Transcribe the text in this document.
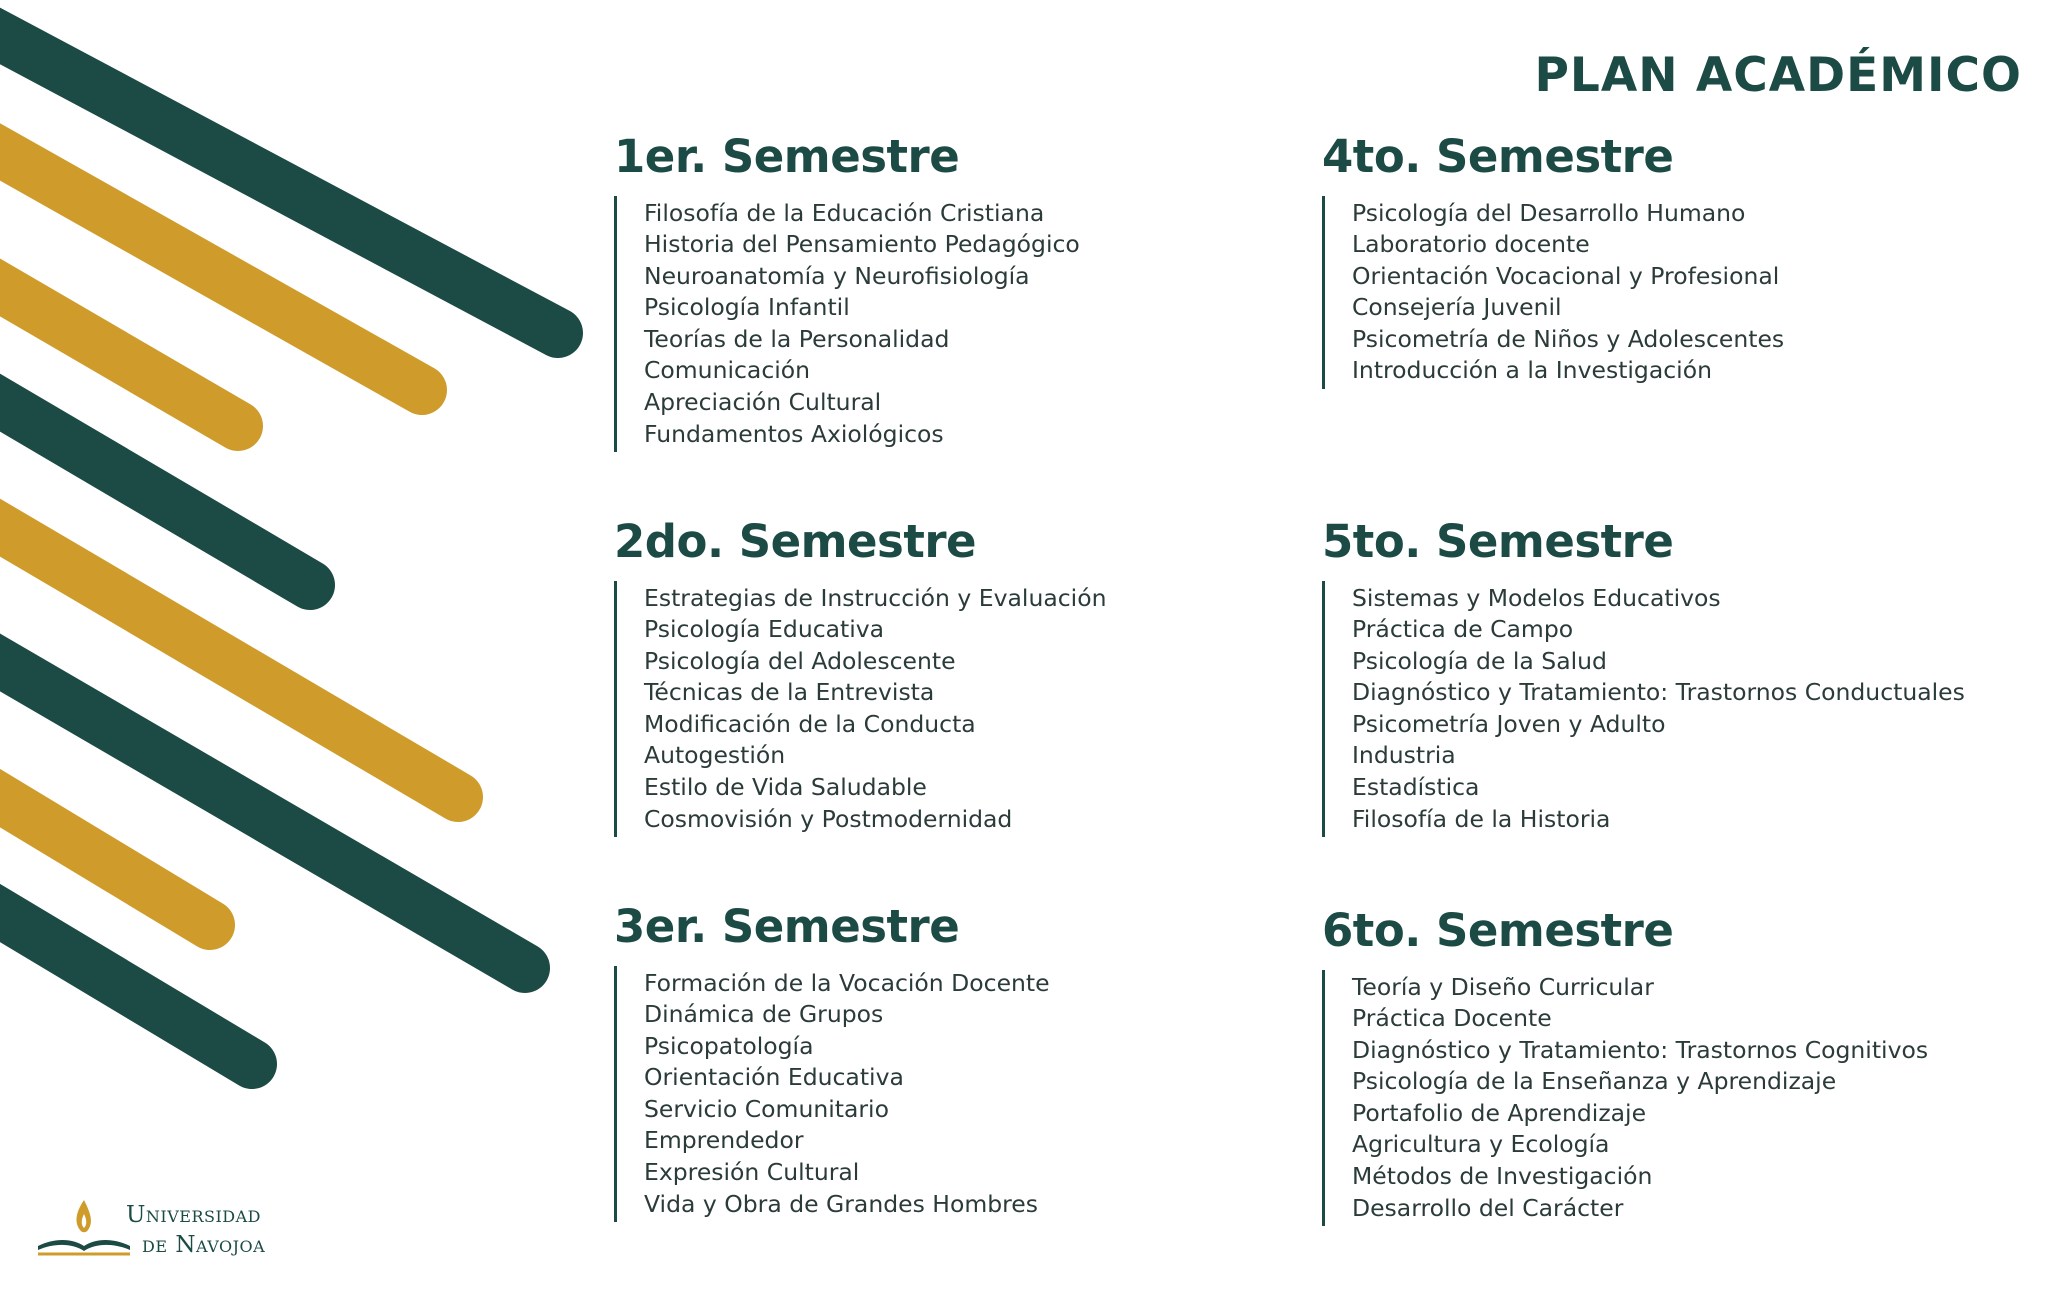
PLAN ACADÉMICO
1er. Semestre
Filosofía de la Educación Cristiana
Historia del Pensamiento Pedagógico
Neuroanatomía y Neurofisiología
Psicología Infantil
Teorías de la Personalidad
Comunicación
Apreciación Cultural
Fundamentos Axiológicos
2do. Semestre
Estrategias de Instrucción y Evaluación
Psicología Educativa
Psicología del Adolescente
Técnicas de la Entrevista
Modificación de la Conducta
Autogestión
Estilo de Vida Saludable
Cosmovisión y Postmodernidad
3er. Semestre
Formación de la Vocación Docente
Dinámica de Grupos
Psicopatología
Orientación Educativa
Servicio Comunitario
Emprendedor
Expresión Cultural
Vida y Obra de Grandes Hombres
4to. Semestre
Psicología del Desarrollo Humano
Laboratorio docente
Orientación Vocacional y Profesional
Consejería Juvenil
Psicometría de Niños y Adolescentes
Introducción a la Investigación
5to. Semestre
Sistemas y Modelos Educativos
Práctica de Campo
Psicología de la Salud
Diagnóstico y Tratamiento: Trastornos Conductuales
Psicometría Joven y Adulto
Industria
Estadística
Filosofía de la Historia
6to. Semestre
Teoría y Diseño Curricular
Práctica Docente
Diagnóstico y Tratamiento: Trastornos Cognitivos
Psicología de la Enseñanza y Aprendizaje
Portafolio de Aprendizaje
Agricultura y Ecología
Métodos de Investigación
Desarrollo del Carácter
Universidad
de Navojoa
